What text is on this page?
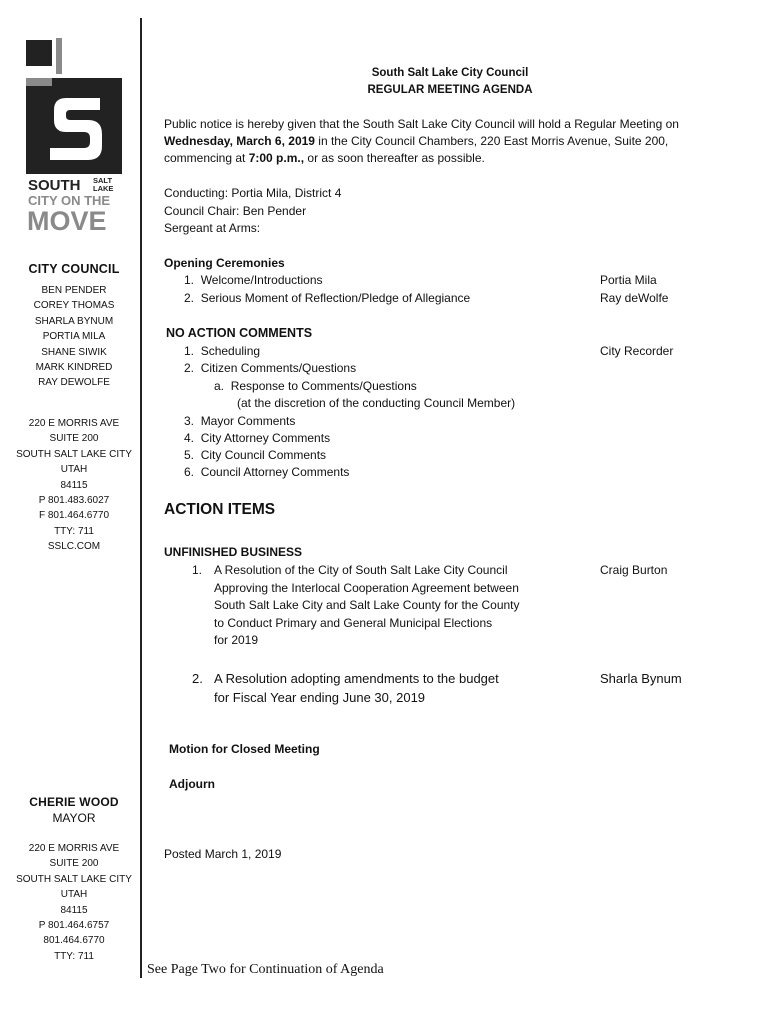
SOUTH SALT
LAKE
CITY ON THE
MOVE
CITY COUNCIL
BEN PENDER
COREY THOMAS
SHARLA BYNUM
PORTIA MILA
SHANE SIWIK
MARK KINDRED
RAY DEWOLFE
220 E MORRIS AVE
SUITE 200
SOUTH SALT LAKE CITY
UTAH
84115
P 801.483.6027
F 801.464.6770
TTY: 711
SSLC.COM
CHERIE WOOD
MAYOR
220 E MORRIS AVE
SUITE 200
SOUTH SALT LAKE CITY
UTAH
84115
P 801.464.6757
801.464.6770
TTY: 711
South Salt Lake City Council
REGULAR MEETING AGENDA
Public notice is hereby given that the South Salt Lake City Council will hold a Regular Meeting on
Wednesday, March 6, 2019 in the City Council Chambers, 220 East Morris Avenue, Suite 200,
commencing at 7:00 p.m., or as soon thereafter as possible.
Conducting: Portia Mila, District 4
Council Chair: Ben Pender
Sergeant at Arms:
Opening Ceremonies
1. Welcome/Introductions	Portia Mila
2. Serious Moment of Reflection/Pledge of Allegiance	Ray deWolfe
NO ACTION COMMENTS
1. Scheduling	City Recorder
2. Citizen Comments/Questions
a. Response to Comments/Questions
(at the discretion of the conducting Council Member)
3. Mayor Comments
4. City Attorney Comments
5. City Council Comments
6. Council Attorney Comments
ACTION ITEMS
UNFINISHED BUSINESS
1. A Resolution of the City of South Salt Lake City Council
Approving the Interlocal Cooperation Agreement between
South Salt Lake City and Salt Lake County for the County
to Conduct Primary and General Municipal Elections
for 2019
Craig Burton
2. A Resolution adopting amendments to the budget
for Fiscal Year ending June 30, 2019
Sharla Bynum
Motion for Closed Meeting
Adjourn
Posted March 1, 2019
See Page Two for Continuation of Agenda
